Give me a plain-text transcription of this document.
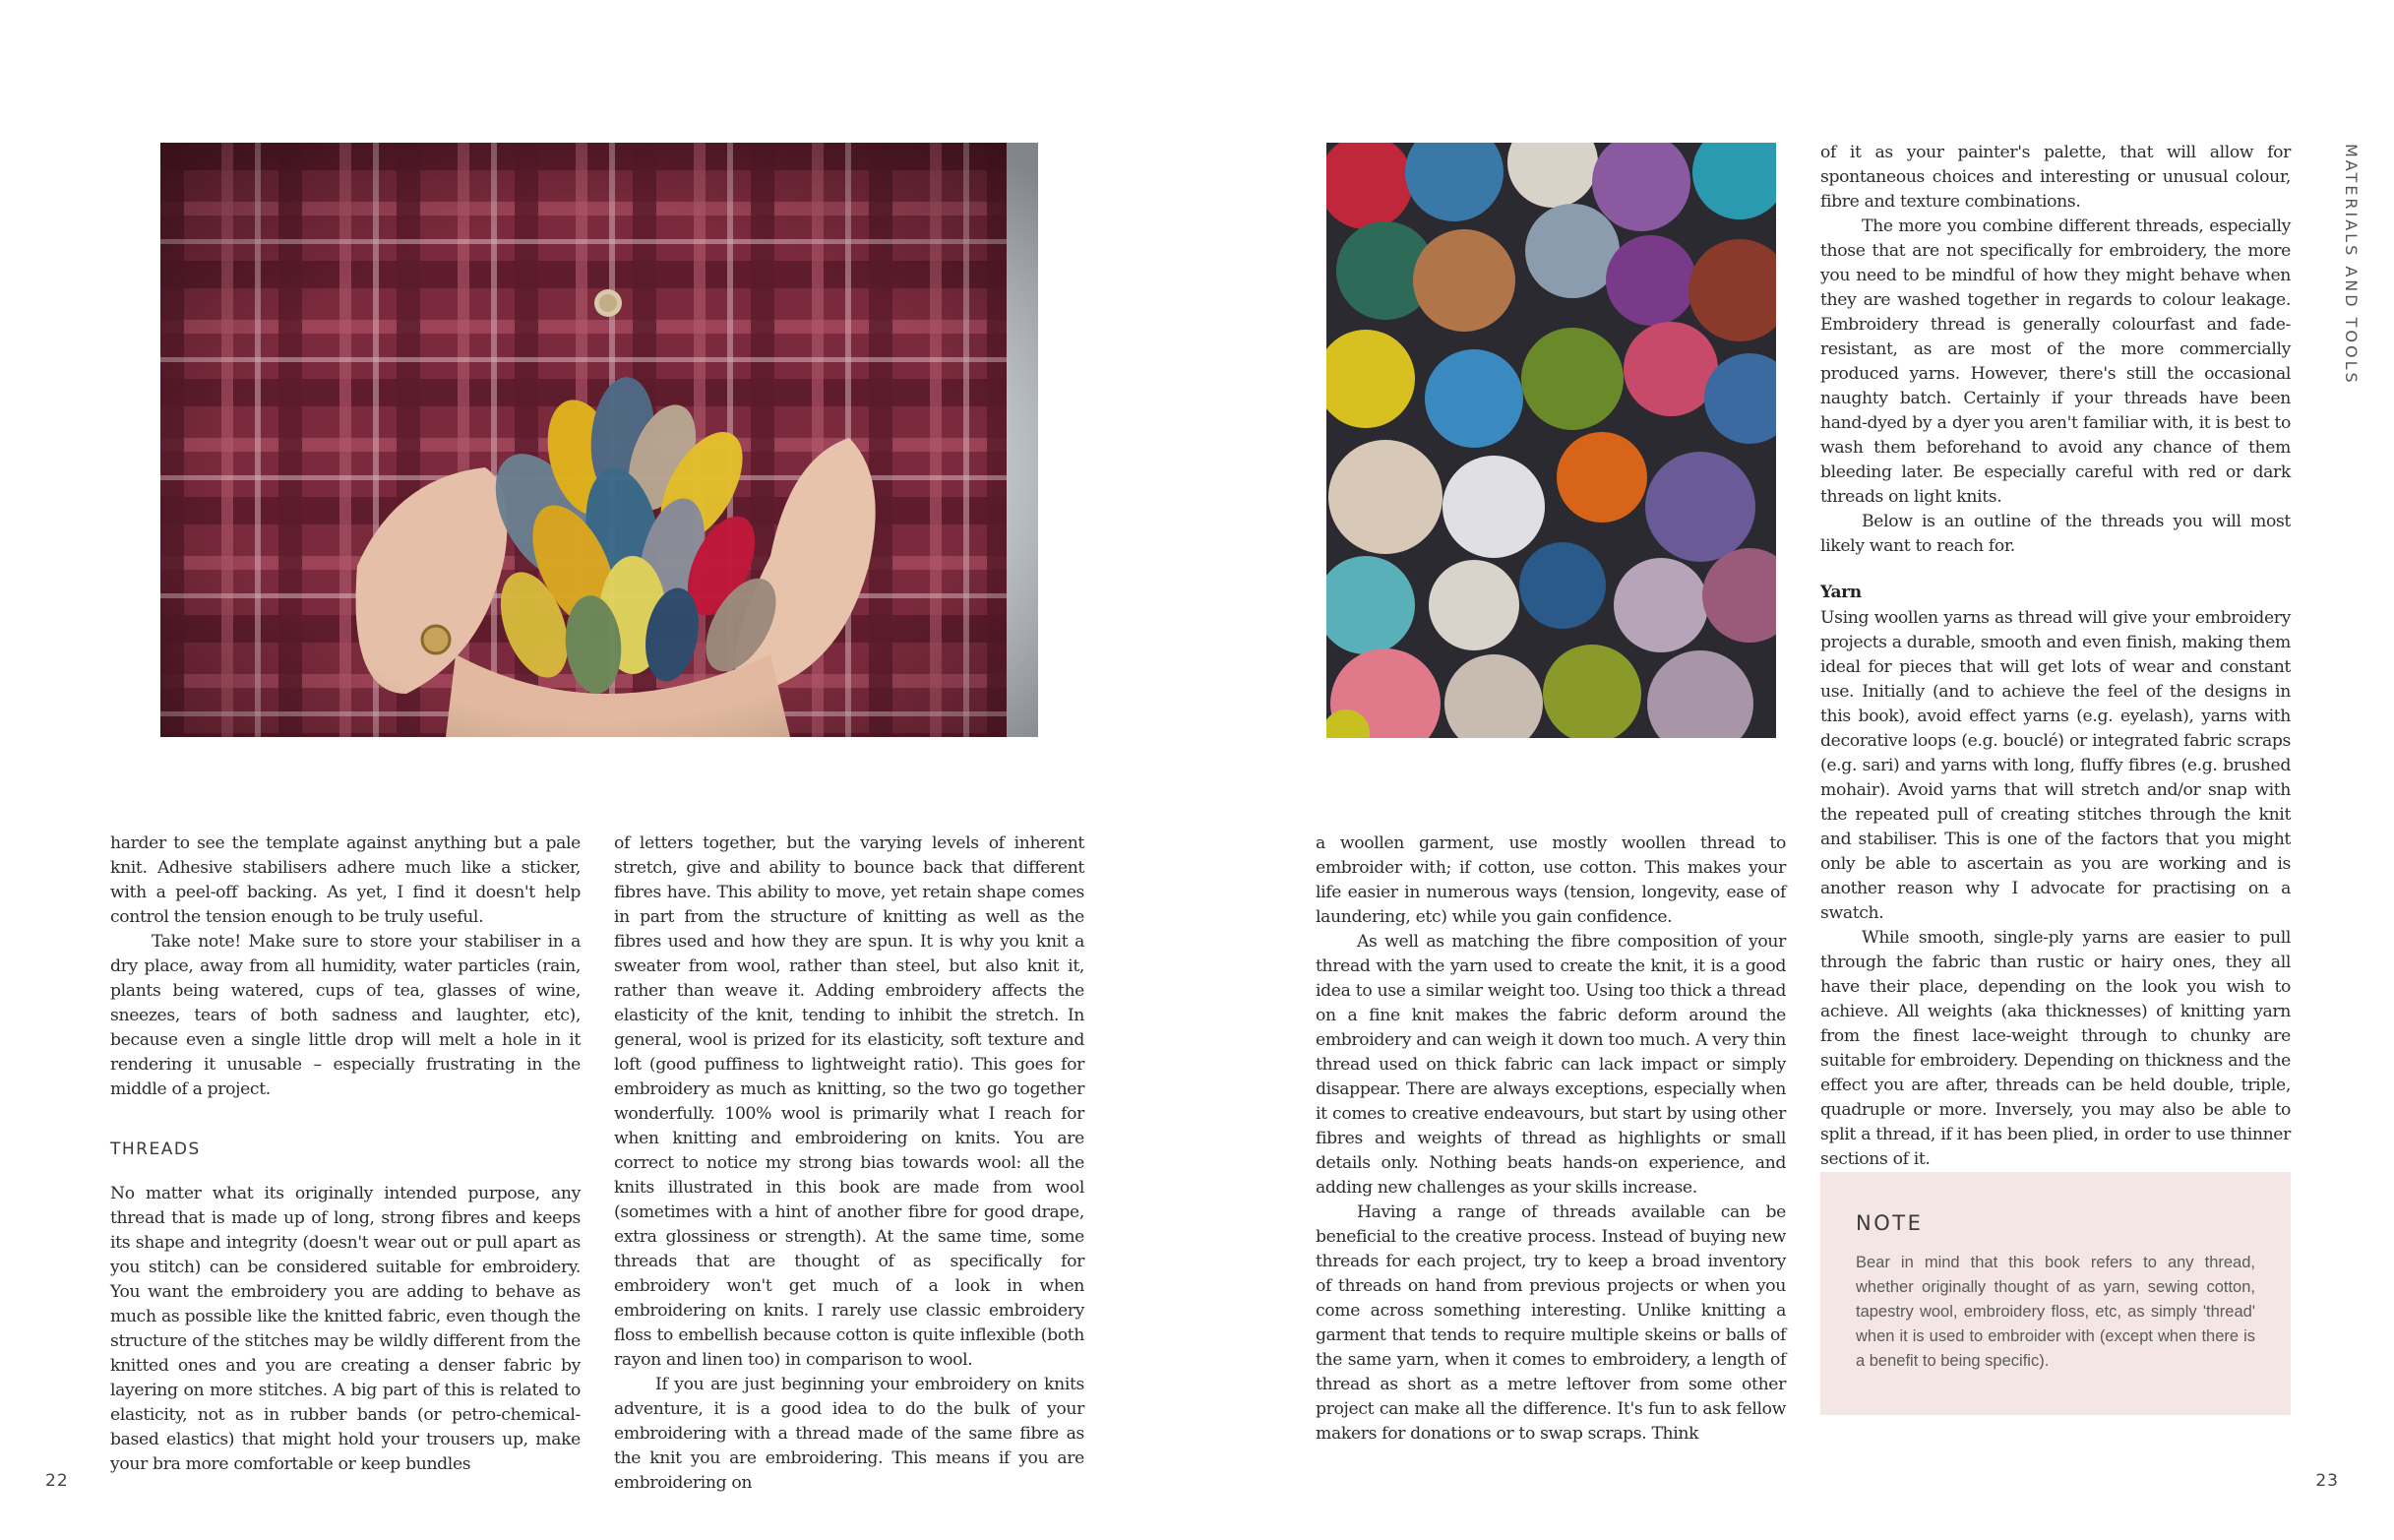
harder to see the template against anything but a pale knit. Adhesive stabilisers adhere much like a sticker, with a peel-off backing. As yet, I find it doesn't help control the tension enough to be truly useful.

Take note! Make sure to store your stabiliser in a dry place, away from all humidity, water particles (rain, plants being watered, cups of tea, glasses of wine, sneezes, tears of both sadness and laughter, etc), because even a single little drop will melt a hole in it rendering it unusable – especially frustrating in the middle of a project.

THREADS

No matter what its originally intended purpose, any thread that is made up of long, strong fibres and keeps its shape and integrity (doesn't wear out or pull apart as you stitch) can be considered suitable for embroidery. You want the embroidery you are adding to behave as much as possible like the knitted fabric, even though the structure of the stitches may be wildly different from the knitted ones and you are creating a denser fabric by layering on more stitches. A big part of this is related to elasticity, not as in rubber bands (or petro-chemical-based elastics) that might hold your trousers up, make your bra more comfortable or keep bundles

of letters together, but the varying levels of inherent stretch, give and ability to bounce back that different fibres have. This ability to move, yet retain shape comes in part from the structure of knitting as well as the fibres used and how they are spun. It is why you knit a sweater from wool, rather than steel, but also knit it, rather than weave it. Adding embroidery affects the elasticity of the knit, tending to inhibit the stretch. In general, wool is prized for its elasticity, soft texture and loft (good puffiness to lightweight ratio). This goes for embroidery as much as knitting, so the two go together wonderfully. 100% wool is primarily what I reach for when knitting and embroidering on knits. You are correct to notice my strong bias towards wool: all the knits illustrated in this book are made from wool (sometimes with a hint of another fibre for good drape, extra glossiness or strength). At the same time, some threads that are thought of as specifically for embroidery won't get much of a look in when embroidering on knits. I rarely use classic embroidery floss to embellish because cotton is quite inflexible (both rayon and linen too) in comparison to wool.

If you are just beginning your embroidery on knits adventure, it is a good idea to do the bulk of your embroidering with a thread made of the same fibre as the knit you are embroidering. This means if you are embroidering on

a woollen garment, use mostly woollen thread to embroider with; if cotton, use cotton. This makes your life easier in numerous ways (tension, longevity, ease of laundering, etc) while you gain confidence.

As well as matching the fibre composition of your thread with the yarn used to create the knit, it is a good idea to use a similar weight too. Using too thick a thread on a fine knit makes the fabric deform around the embroidery and can weigh it down too much. A very thin thread used on thick fabric can lack impact or simply disappear. There are always exceptions, especially when it comes to creative endeavours, but start by using other fibres and weights of thread as highlights or small details only. Nothing beats hands-on experience, and adding new challenges as your skills increase.

Having a range of threads available can be beneficial to the creative process. Instead of buying new threads for each project, try to keep a broad inventory of threads on hand from previous projects or when you come across something interesting. Unlike knitting a garment that tends to require multiple skeins or balls of the same yarn, when it comes to embroidery, a length of thread as short as a metre leftover from some other project can make all the difference. It's fun to ask fellow makers for donations or to swap scraps. Think

of it as your painter's palette, that will allow for spontaneous choices and interesting or unusual colour, fibre and texture combinations.

The more you combine different threads, especially those that are not specifically for embroidery, the more you need to be mindful of how they might behave when they are washed together in regards to colour leakage. Embroidery thread is generally colourfast and fade-resistant, as are most of the more commercially produced yarns. However, there's still the occasional naughty batch. Certainly if your threads have been hand-dyed by a dyer you aren't familiar with, it is best to wash them beforehand to avoid any chance of them bleeding later. Be especially careful with red or dark threads on light knits.

Below is an outline of the threads you will most likely want to reach for.

Yarn

Using woollen yarns as thread will give your embroidery projects a durable, smooth and even finish, making them ideal for pieces that will get lots of wear and constant use. Initially (and to achieve the feel of the designs in this book), avoid effect yarns (e.g. eyelash), yarns with decorative loops (e.g. bouclé) or integrated fabric scraps (e.g. sari) and yarns with long, fluffy fibres (e.g. brushed mohair). Avoid yarns that will stretch and/or snap with the repeated pull of creating stitches through the knit and stabiliser. This is one of the factors that you might only be able to ascertain as you are working and is another reason why I advocate for practising on a swatch.

While smooth, single-ply yarns are easier to pull through the fabric than rustic or hairy ones, they all have their place, depending on the look you wish to achieve. All weights (aka thicknesses) of knitting yarn from the finest lace-weight through to chunky are suitable for embroidery. Depending on thickness and the effect you are after, threads can be held double, triple, quadruple or more. Inversely, you may also be able to split a thread, if it has been plied, in order to use thinner sections of it.

NOTE
Bear in mind that this book refers to any thread, whether originally thought of as yarn, sewing cotton, tapestry wool, embroidery floss, etc, as simply 'thread' when it is used to embroider with (except when there is a benefit to being specific).
MATERIALS AND TOOLS
22	23
